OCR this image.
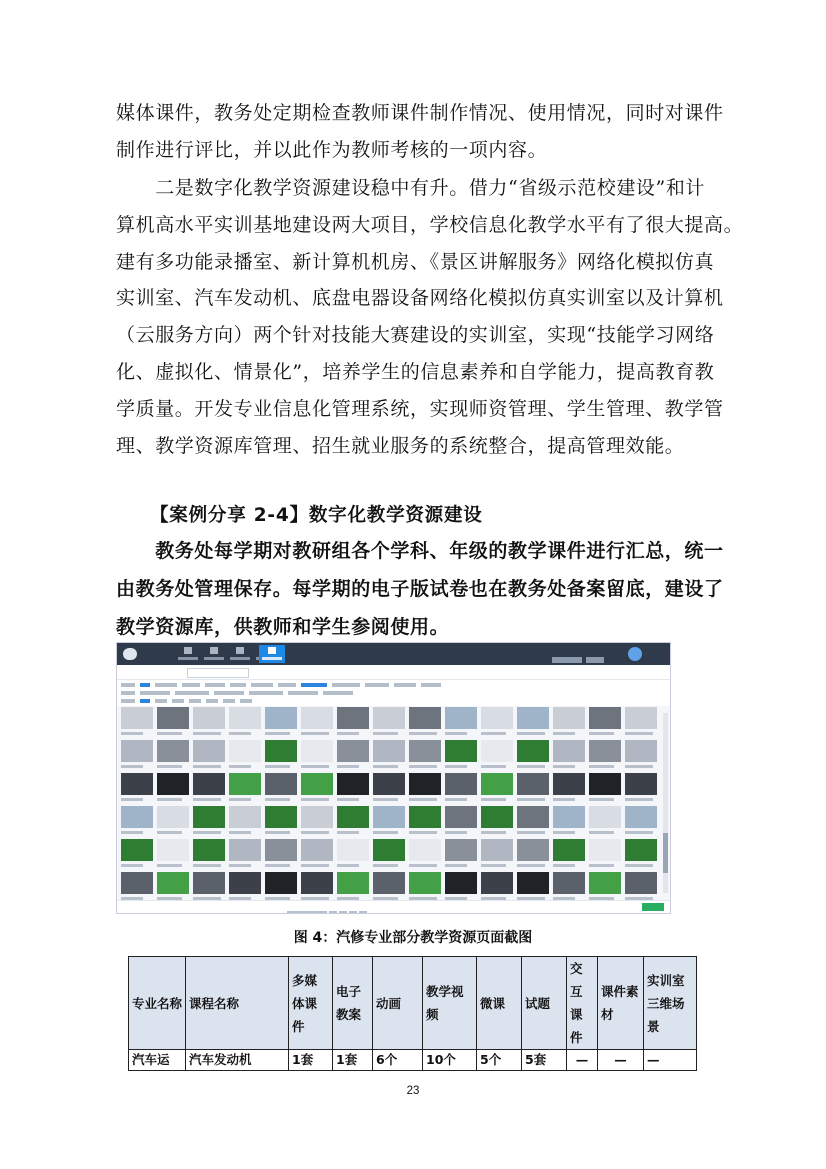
媒体课件，教务处定期检查教师课件制作情况、使用情况，同时对课件
制作进行评比，并以此作为教师考核的一项内容。
　　二是数字化教学资源建设稳中有升。借力“省级示范校建设”和计
算机高水平实训基地建设两大项目，学校信息化教学水平有了很大提高。
建有多功能录播室、新计算机机房、《景区讲解服务》网络化模拟仿真
实训室、汽车发动机、底盘电器设备网络化模拟仿真实训室以及计算机
（云服务方向）两个针对技能大赛建设的实训室，实现“技能学习网络
化、虚拟化、情景化”，培养学生的信息素养和自学能力，提高教育教
学质量。开发专业信息化管理系统，实现师资管理、学生管理、教学管
理、教学资源库管理、招生就业服务的系统整合，提高管理效能。
【案例分享 2-4】数字化教学资源建设
　　教务处每学期对教研组各个学科、年级的教学课件进行汇总，统一
由教务处管理保存。每学期的电子版试卷也在教务处备案留底，建设了
教学资源库，供教师和学生参阅使用。
图 4：汽修专业部分教学资源页面截图
专业名称	课程名称	多媒体课件	电子教案	动画	教学视频	微课	试题	交互课件	课件素材	实训室三维场景
汽车运	汽车发动机	1套	1套	6个	10个	5个	5套	—	—	—
23
